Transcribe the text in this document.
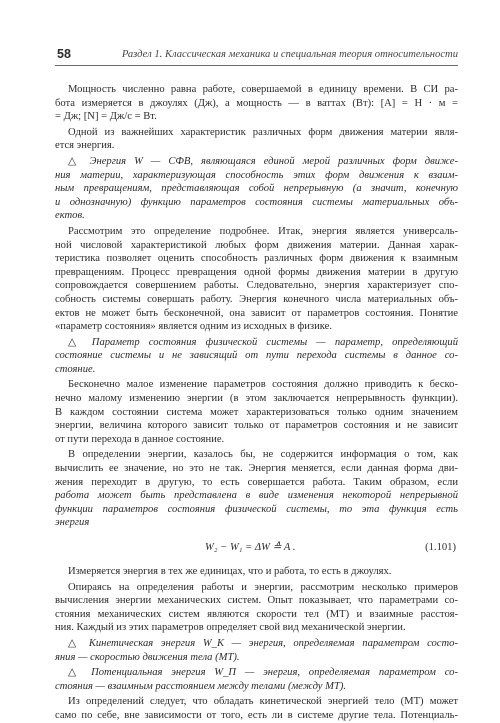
58	Раздел 1. Классическая механика и специальная теория относительности
Мощность численно равна работе, совершаемой в единицу времени. В СИ ра-
бота измеряется в джоулях (Дж), а мощность — в ваттах (Вт): [A] = Н · м =
= Дж; [N] = Дж/с = Вт.
Одной из важнейших характеристик различных форм движения материи явля-
ется энергия.
△ Энергия W — СФВ, являющаяся единой мерой различных форм движе-
ния материи, характеризующая способность этих форм движения к взаим-
ным превращениям, представляющая собой непрерывную (а значит, конечную
и однозначную) функцию параметров состояния системы материальных объ-
ектов.
Рассмотрим это определение подробнее. Итак, энергия является универсаль-
ной числовой характеристикой любых форм движения материи. Данная харак-
теристика позволяет оценить способность различных форм движения к взаимным
превращениям. Процесс превращения одной формы движения материи в другую
сопровождается совершением работы. Следовательно, энергия характеризует спо-
собность системы совершать работу. Энергия конечного числа материальных объ-
ектов не может быть бесконечной, она зависит от параметров состояния. Понятие
«параметр состояния» является одним из исходных в физике.
△ Параметр состояния физической системы — параметр, определяющий
состояние системы и не зависящий от пути перехода системы в данное со-
стояние.
Бесконечно малое изменение параметров состояния должно приводить к беско-
нечно малому изменению энергии (в этом заключается непрерывность функции).
В каждом состоянии система может характеризоваться только одним значением
энергии, величина которого зависит только от параметров состояния и не зависит
от пути перехода в данное состояние.
В определении энергии, казалось бы, не содержится информация о том, как
вычислить ее значение, но это не так. Энергия меняется, если данная форма дви-
жения переходит в другую, то есть совершается работа. Таким образом, если
работа может быть представлена в виде изменения некоторой непрерывной
функции параметров состояния физической системы, то эта функция есть
энергия
W₂ − W₁ = ΔW ≙ A .	(1.101)
Измеряется энергия в тех же единицах, что и работа, то есть в джоулях.
Опираясь на определения работы и энергии, рассмотрим несколько примеров
вычисления энергии механических систем. Опыт показывает, что параметрами со-
стояния механических систем являются скорости тел (МТ) и взаимные расстоя-
ния. Каждый из этих параметров определяет свой вид механической энергии.
△ Кинетическая энергия W_K — энергия, определяемая параметром состо-
яния — скоростью движения тела (МТ).
△ Потенциальная энергия W_П — энергия, определяемая параметром со-
стояния — взаимным расстоянием между телами (между МТ).
Из определений следует, что обладать кинетической энергией тело (МТ) может
само по себе, вне зависимости от того, есть ли в системе другие тела. Потенциаль-
